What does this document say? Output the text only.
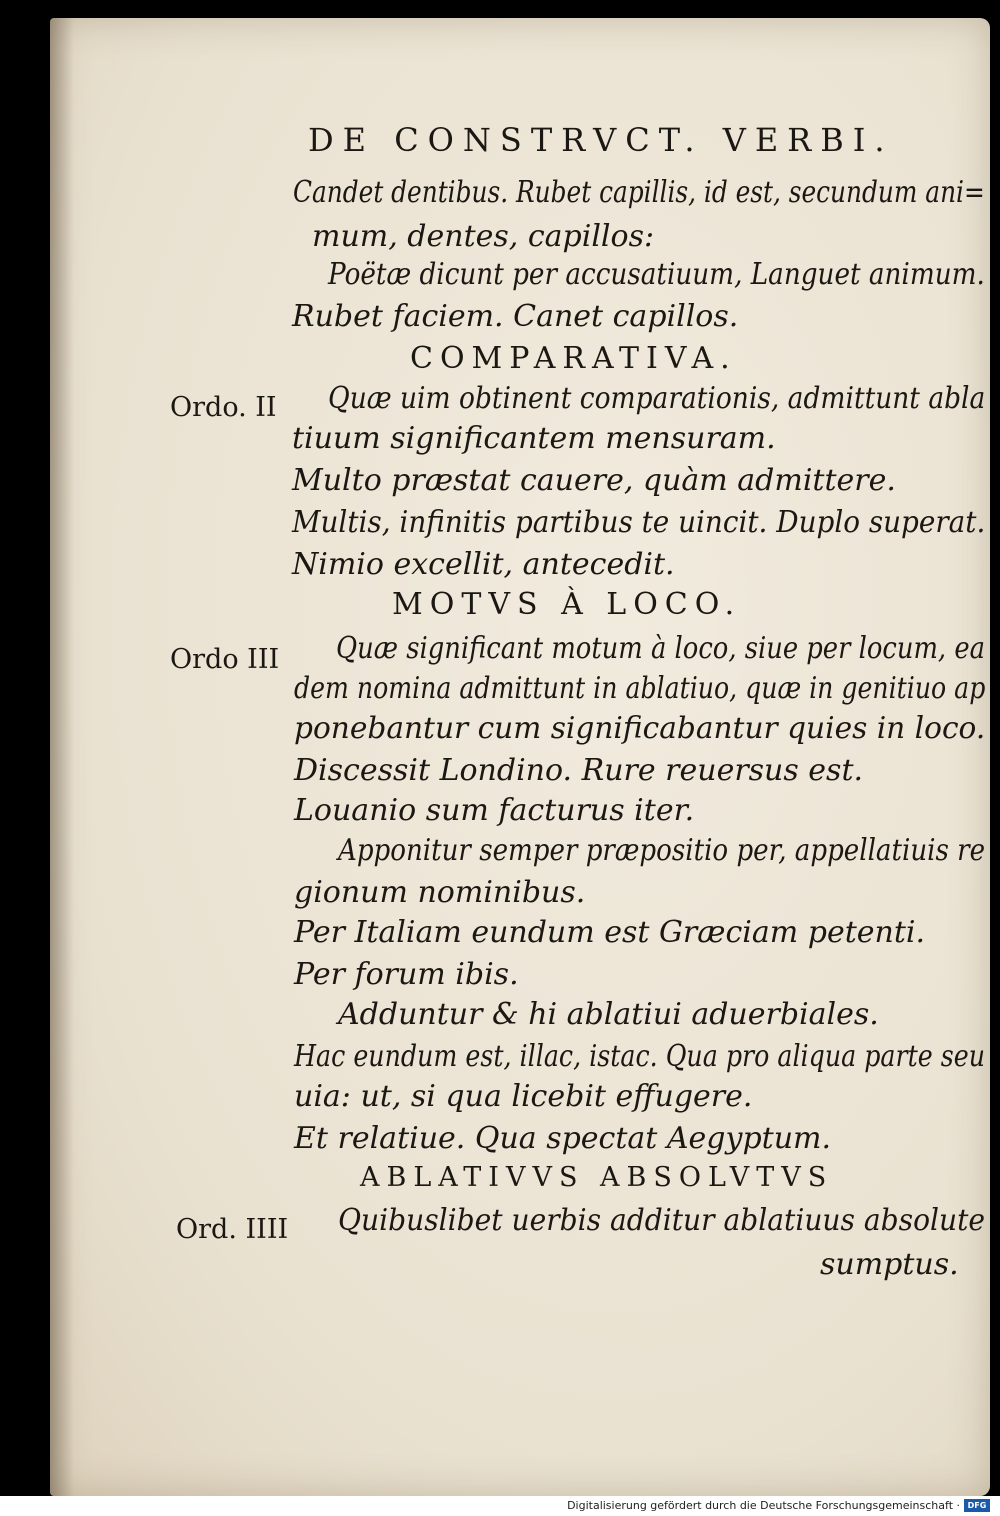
DE CONSTRVCT. VERBI.
Candet dentibus. Rubet capillis, id est, secundum ani=
mum, dentes, capillos:
Poëtæ dicunt per accusatiuum, Languet animum.
Rubet faciem. Canet capillos.
COMPARATIVA.
Ordo. II Quæ uim obtinent comparationis, admittunt abla
tiuum significantem mensuram.
Multo præstat cauere, quàm admittere.
Multis, infinitis partibus te uincit. Duplo superat.
Nimio excellit, antecedit.
MOTVS À LOCO.
Ordo III Quæ significant motum à loco, siue per locum, ea
dem nomina admittunt in ablatiuo, quæ in genitiuo ap
ponebantur cum significabantur quies in loco.
Discessit Londino. Rure reuersus est.
Louanio sum facturus iter.
Apponitur semper præpositio per, appellatiuis re
gionum nominibus.
Per Italiam eundum est Græciam petenti.
Per forum ibis.
Adduntur & hi ablatiui aduerbiales.
Hac eundum est, illac, istac. Qua pro aliqua parte seu
uia: ut, si qua licebit effugere.
Et relatiue. Qua spectat Aegyptum.
ABLATIVVS ABSOLVTVS
Ord. IIII Quibuslibet uerbis additur ablatiuus absolute
sumptus.
Digitalisierung gefördert durch die Deutsche Forschungsgemeinschaft · DFG
